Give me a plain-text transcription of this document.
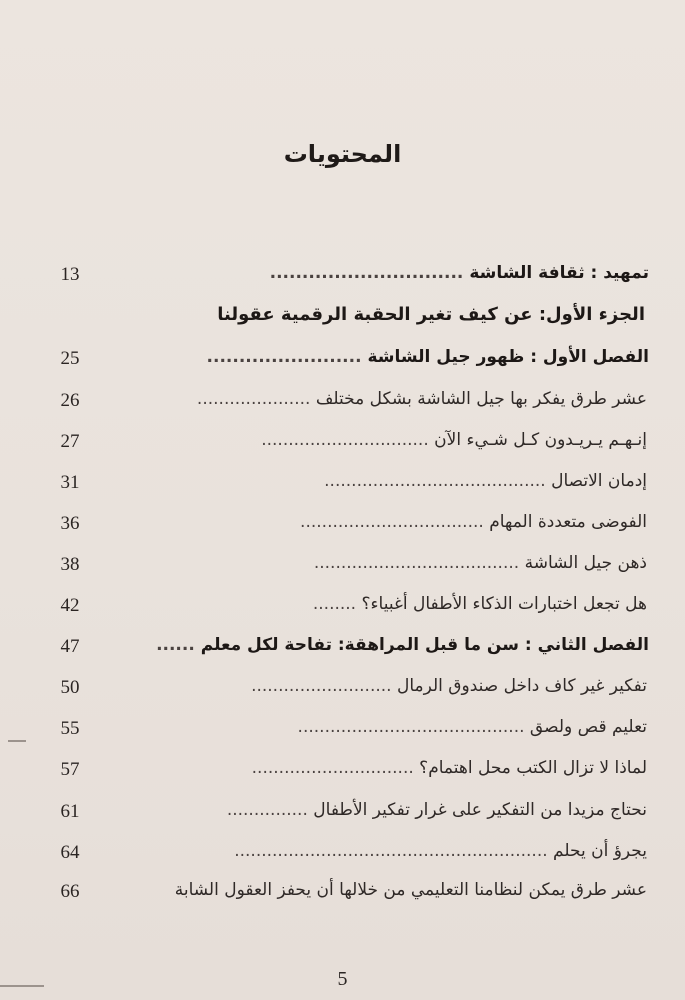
المحتويات
13	تمهيد : ثقافة الشاشة ..............................
الجزء الأول: عن كيف تغير الحقبة الرقمية عقولنا
25	الفصل الأول : ظهور جيل الشاشة ........................
26	عشر طرق يفكر بها جيل الشاشة بشكل مختلف .....................
27	إنـهـم يـريـدون كـل شـيء الآن ...............................
31	إدمان الاتصال .........................................
36	الفوضى متعددة المهام ..................................
38	ذهن جيل الشاشة ......................................
42	هل تجعل اختبارات الذكاء الأطفال أغبياء؟ ........
47	الفصل الثاني : سن ما قبل المراهقة: تفاحة لكل معلم ......
50	تفكير غير كاف داخل صندوق الرمال ..........................
55	تعليم قص ولصق ..........................................
57	لماذا لا تزال الكتب محل اهتمام؟ ..............................
61	نحتاج مزيدا من التفكير على غرار تفكير الأطفال ...............
64	يجرؤ أن يحلم ..........................................................
66	عشر طرق يمكن لنظامنا التعليمي من خلالها أن يحفز العقول الشابة
5
